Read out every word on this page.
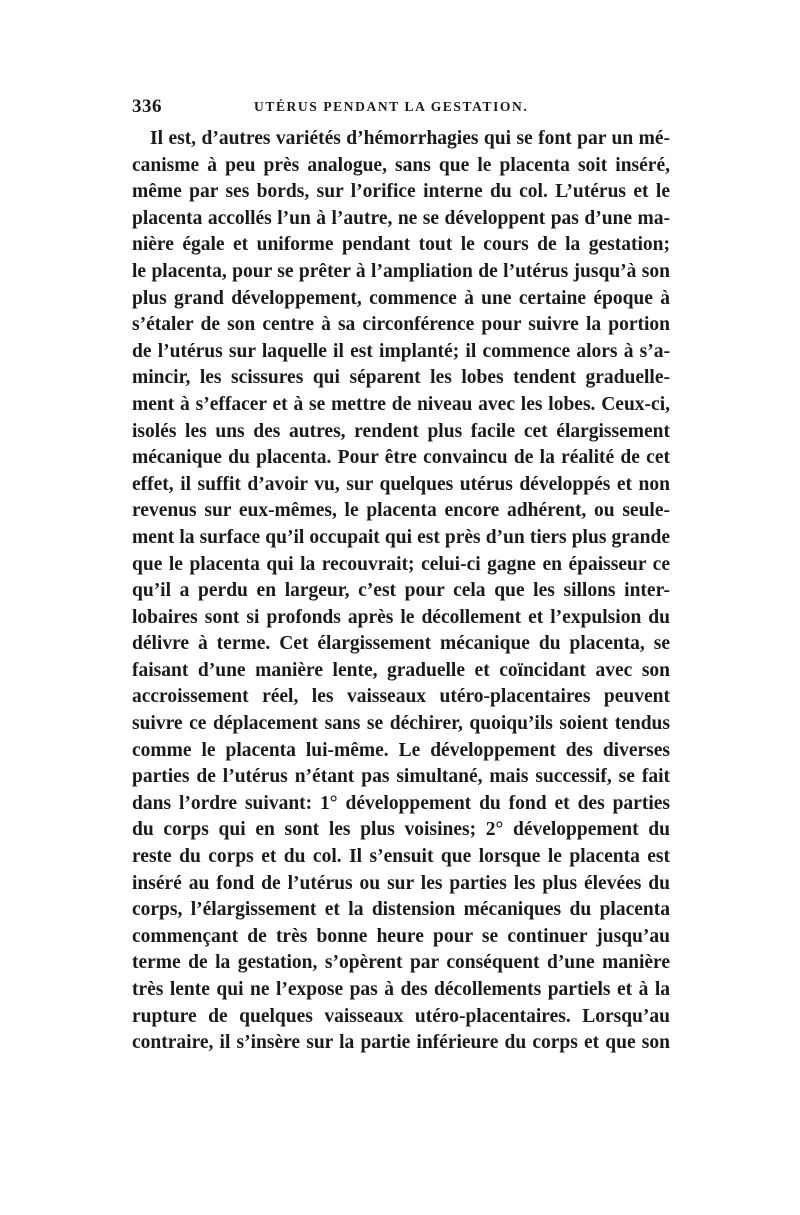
336	UTÉRUS PENDANT LA GESTATION.
Il est, d’autres variétés d’hémorrhagies qui se font par un mé-
canisme à peu près analogue, sans que le placenta soit inséré,
même par ses bords, sur l’orifice interne du col. L’utérus et le
placenta accollés l’un à l’autre, ne se développent pas d’une ma-
nière égale et uniforme pendant tout le cours de la gestation;
le placenta, pour se prêter à l’ampliation de l’utérus jusqu’à son
plus grand développement, commence à une certaine époque à
s’étaler de son centre à sa circonférence pour suivre la portion
de l’utérus sur laquelle il est implanté; il commence alors à s’a-
mincir, les scissures qui séparent les lobes tendent graduelle-
ment à s’effacer et à se mettre de niveau avec les lobes. Ceux-ci,
isolés les uns des autres, rendent plus facile cet élargissement
mécanique du placenta. Pour être convaincu de la réalité de cet
effet, il suffit d’avoir vu, sur quelques utérus développés et non
revenus sur eux-mêmes, le placenta encore adhérent, ou seule-
ment la surface qu’il occupait qui est près d’un tiers plus grande
que le placenta qui la recouvrait; celui-ci gagne en épaisseur ce
qu’il a perdu en largeur, c’est pour cela que les sillons inter-
lobaires sont si profonds après le décollement et l’expulsion du
délivre à terme. Cet élargissement mécanique du placenta, se
faisant d’une manière lente, graduelle et coïncidant avec son
accroissement réel, les vaisseaux utéro-placentaires peuvent
suivre ce déplacement sans se déchirer, quoiqu’ils soient tendus
comme le placenta lui-même. Le développement des diverses
parties de l’utérus n’étant pas simultané, mais successif, se fait
dans l’ordre suivant: 1° développement du fond et des parties
du corps qui en sont les plus voisines; 2° développement du
reste du corps et du col. Il s’ensuit que lorsque le placenta est
inséré au fond de l’utérus ou sur les parties les plus élevées du
corps, l’élargissement et la distension mécaniques du placenta
commençant de très bonne heure pour se continuer jusqu’au
terme de la gestation, s’opèrent par conséquent d’une manière
très lente qui ne l’expose pas à des décollements partiels et à la
rupture de quelques vaisseaux utéro-placentaires. Lorsqu’au
contraire, il s’insère sur la partie inférieure du corps et que son
